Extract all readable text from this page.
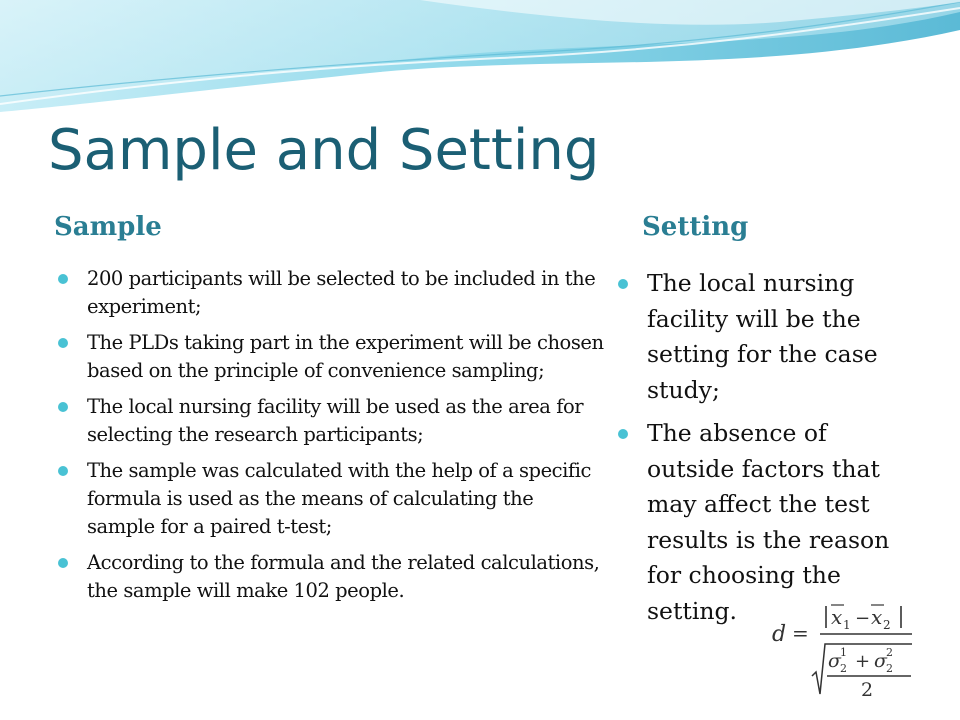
Sample and Setting
Sample	Setting
200 participants will be selected to be included in the experiment;
The PLDs taking part in the experiment will be chosen based on the principle of convenience sampling;
The local nursing facility will be used as the area for selecting the research participants;
The sample was calculated with the help of a specific formula is used as the means of calculating the sample for a paired t-test;
According to the formula and the related calculations, the sample will make 102 people.
The local nursing facility will be the setting for the case study;
The absence of outside factors that may affect the test results is the reason for choosing the setting.
d =
x 1 − x 2
σ 1
2 + σ 2
2
2
